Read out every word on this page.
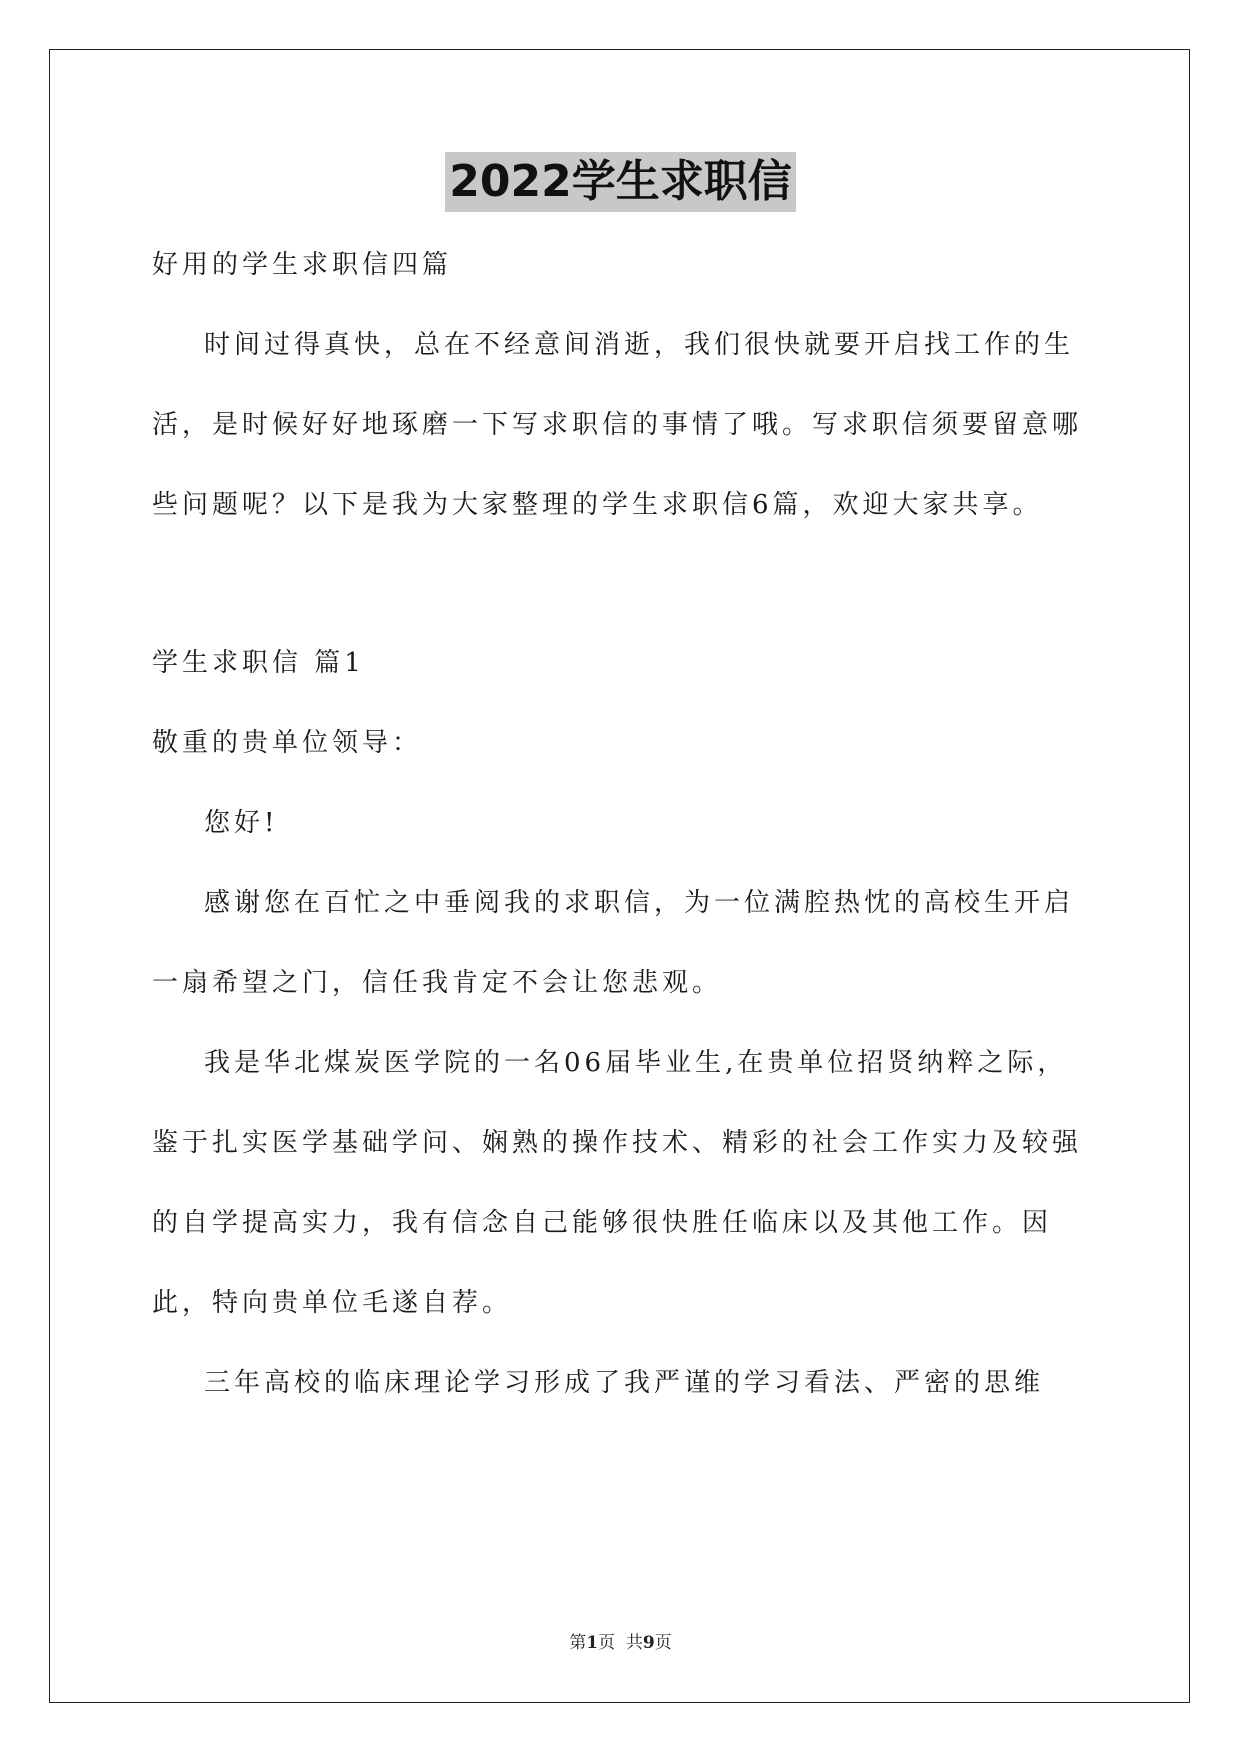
2022学生求职信

好用的学生求职信四篇

时间过得真快，总在不经意间消逝，我们很快就要开启找工作的生活，是时候好好地琢磨一下写求职信的事情了哦。写求职信须要留意哪些问题呢？以下是我为大家整理的学生求职信6篇，欢迎大家共享。

学生求职信 篇1

敬重的贵单位领导：

您好!

感谢您在百忙之中垂阅我的求职信，为一位满腔热忱的高校生开启一扇希望之门，信任我肯定不会让您悲观。

我是华北煤炭医学院的一名06届毕业生,在贵单位招贤纳粹之际，鉴于扎实医学基础学问、娴熟的操作技术、精彩的社会工作实力及较强的自学提高实力，我有信念自己能够很快胜任临床以及其他工作。因此，特向贵单位毛遂自荐。

三年高校的临床理论学习形成了我严谨的学习看法、严密的思维

第1页  共9页
